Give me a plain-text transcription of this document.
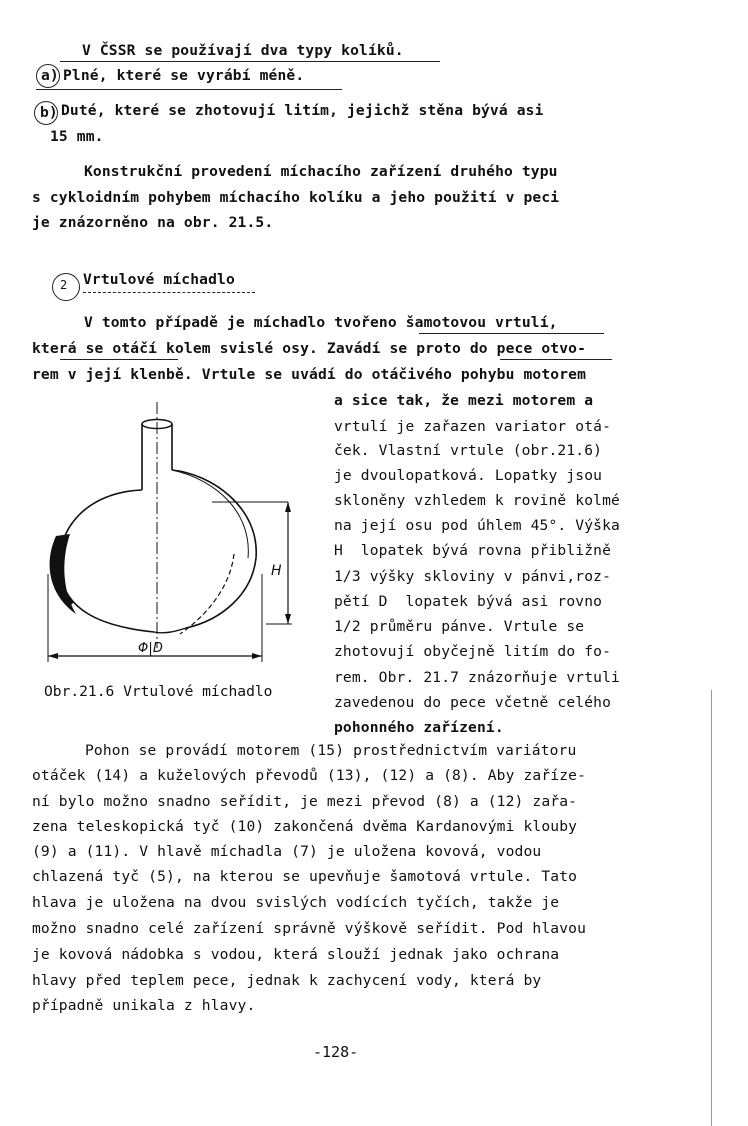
V ČSSR se používají dva typy kolíků.
a) Plné, které se vyrábí méně.
b) Duté, které se zhotovují litím, jejichž stěna bývá asi
15 mm.
Konstrukční provedení míchacího zařízení druhého typu
s cykloidním pohybem míchacího kolíku a jeho použití v peci
je znázorněno na obr. 21.5.
2 Vrtulové míchadlo
V tomto případě je míchadlo tvořeno šamotovou vrtulí,
která se otáčí kolem svislé osy. Zavádí se proto do pece otvo-
rem v její klenbě. Vrtule se uvádí do otáčivého pohybu motorem
a sice tak, že mezi motorem a
vrtulí je zařazen variator otá-
ček. Vlastní vrtule (obr.21.6)
je dvoulopatková. Lopatky jsou
skloněny vzhledem k rovině kolmé
na její osu pod úhlem 45°. Výška
H  lopatek bývá rovna přibližně
1/3 výšky skloviny v pánvi,roz-
pětí D  lopatek bývá asi rovno
1/2 průměru pánve. Vrtule se
zhotovují obyčejně litím do fo-
rem. Obr. 21.7 znázorňuje vrtuli
zavedenou do pece včetně celého
pohonného zařízení.
H
Φ|D
Obr.21.6 Vrtulové míchadlo
Pohon se provádí motorem (15) prostřednictvím variátoru
otáček (14) a kuželových převodů (13), (12) a (8). Aby zaříze-
ní bylo možno snadno seřídit, je mezi převod (8) a (12) zařa-
zena teleskopická tyč (10) zakončená dvěma Kardanovými klouby
(9) a (11). V hlavě míchadla (7) je uložena kovová, vodou
chlazená tyč (5), na kterou se upevňuje šamotová vrtule. Tato
hlava je uložena na dvou svislých vodících tyčích, takže je
možno snadno celé zařízení správně výškově seřídit. Pod hlavou
je kovová nádobka s vodou, která slouží jednak jako ochrana
hlavy před teplem pece, jednak k zachycení vody, která by
případně unikala z hlavy.
-128-
